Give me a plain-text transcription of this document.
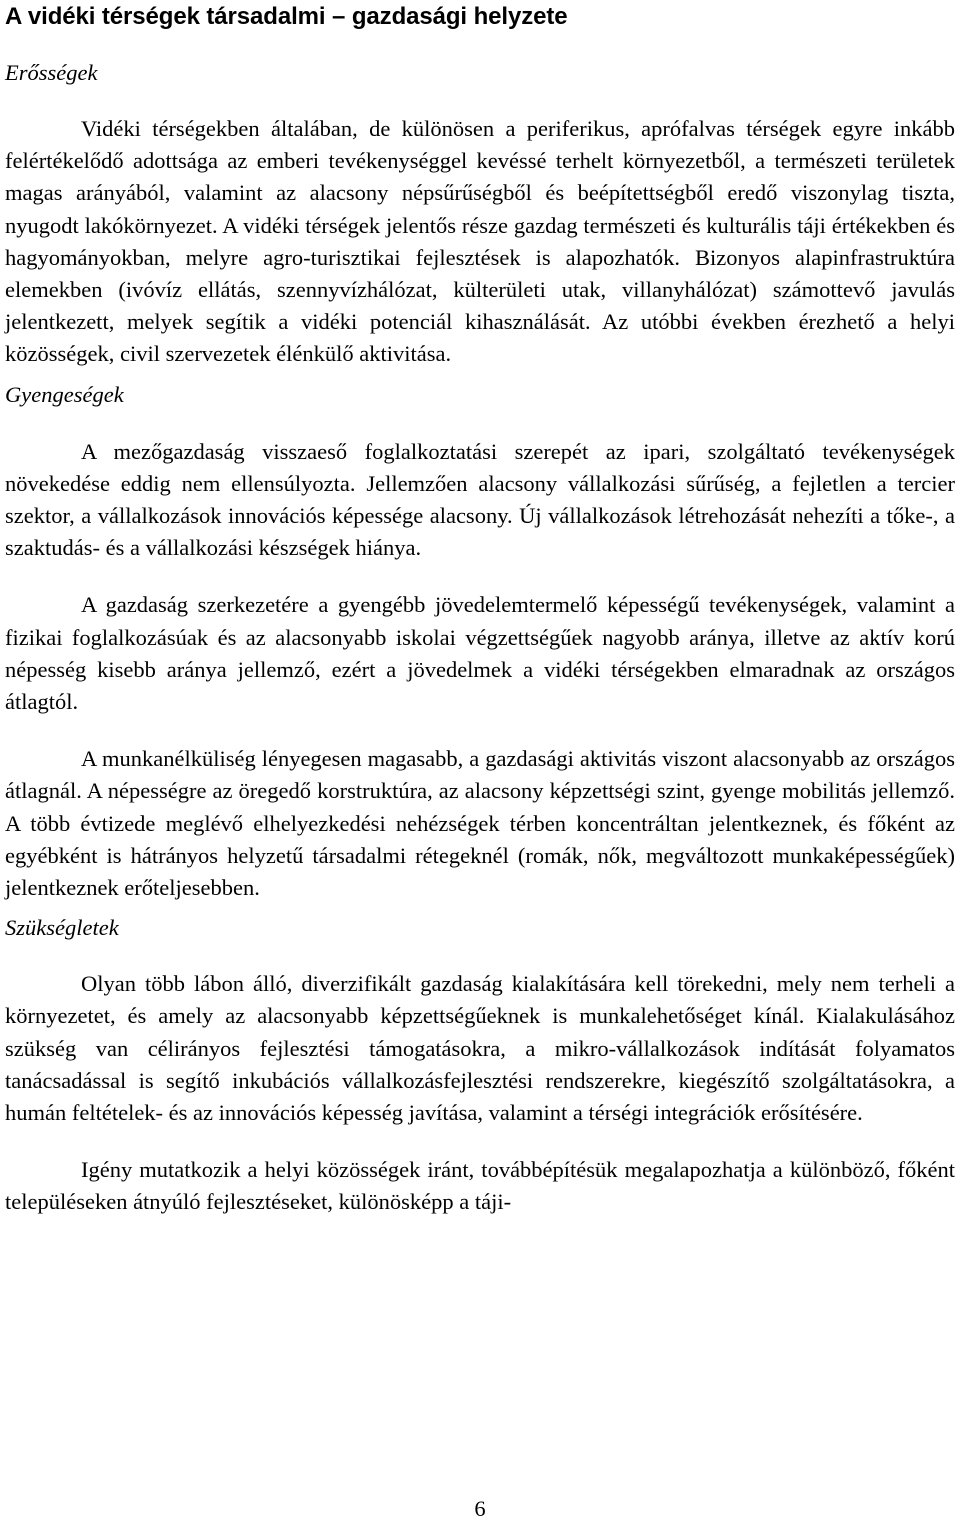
A vidéki térségek társadalmi – gazdasági helyzete
Erősségek

Vidéki térségekben általában, de különösen a periferikus, aprófalvas térségek egyre inkább felértékelődő adottsága az emberi tevékenységgel kevéssé terhelt környezetből, a természeti területek magas arányából, valamint az alacsony népsűrűségből és beépítettségből eredő viszonylag tiszta, nyugodt lakókörnyezet. A vidéki térségek jelentős része gazdag természeti és kulturális táji értékekben és hagyományokban, melyre agro-turisztikai fejlesztések is alapozhatók. Bizonyos alapinfrastruktúra elemekben (ivóvíz ellátás, szennyvízhálózat, külterületi utak, villanyhálózat) számottevő javulás jelentkezett, melyek segítik a vidéki potenciál kihasználását. Az utóbbi években érezhető a helyi közösségek, civil szervezetek élénkülő aktivitása.

Gyengeségek

A mezőgazdaság visszaeső foglalkoztatási szerepét az ipari, szolgáltató tevékenységek növekedése eddig nem ellensúlyozta. Jellemzően alacsony vállalkozási sűrűség, a fejletlen a tercier szektor, a vállalkozások innovációs képessége alacsony. Új vállalkozások létrehozását nehezíti a tőke-, a szaktudás- és a vállalkozási készségek hiánya.

A gazdaság szerkezetére a gyengébb jövedelemtermelő képességű tevékenységek, valamint a fizikai foglalkozásúak és az alacsonyabb iskolai végzettségűek nagyobb aránya, illetve az aktív korú népesség kisebb aránya jellemző, ezért a jövedelmek a vidéki térségekben elmaradnak az országos átlagtól.

A munkanélküliség lényegesen magasabb, a gazdasági aktivitás viszont alacsonyabb az országos átlagnál. A népességre az öregedő korstruktúra, az alacsony képzettségi szint, gyenge mobilitás jellemző. A több évtizede meglévő elhelyezkedési nehézségek térben koncentráltan jelentkeznek, és főként az egyébként is hátrányos helyzetű társadalmi rétegeknél (romák, nők, megváltozott munkaképességűek) jelentkeznek erőteljesebben.

Szükségletek

Olyan több lábon álló, diverzifikált gazdaság kialakítására kell törekedni, mely nem terheli a környezetet, és amely az alacsonyabb képzettségűeknek is munkalehetőséget kínál. Kialakulásához szükség van célirányos fejlesztési támogatásokra, a mikro-vállalkozások indítását folyamatos tanácsadással is segítő inkubációs vállalkozásfejlesztési rendszerekre, kiegészítő szolgáltatásokra, a humán feltételek- és az innovációs képesség javítása, valamint a térségi integrációk erősítésére.

Igény mutatkozik a helyi közösségek iránt, továbbépítésük megalapozhatja a különböző, főként településeken átnyúló fejlesztéseket, különösképp a táji-

6
